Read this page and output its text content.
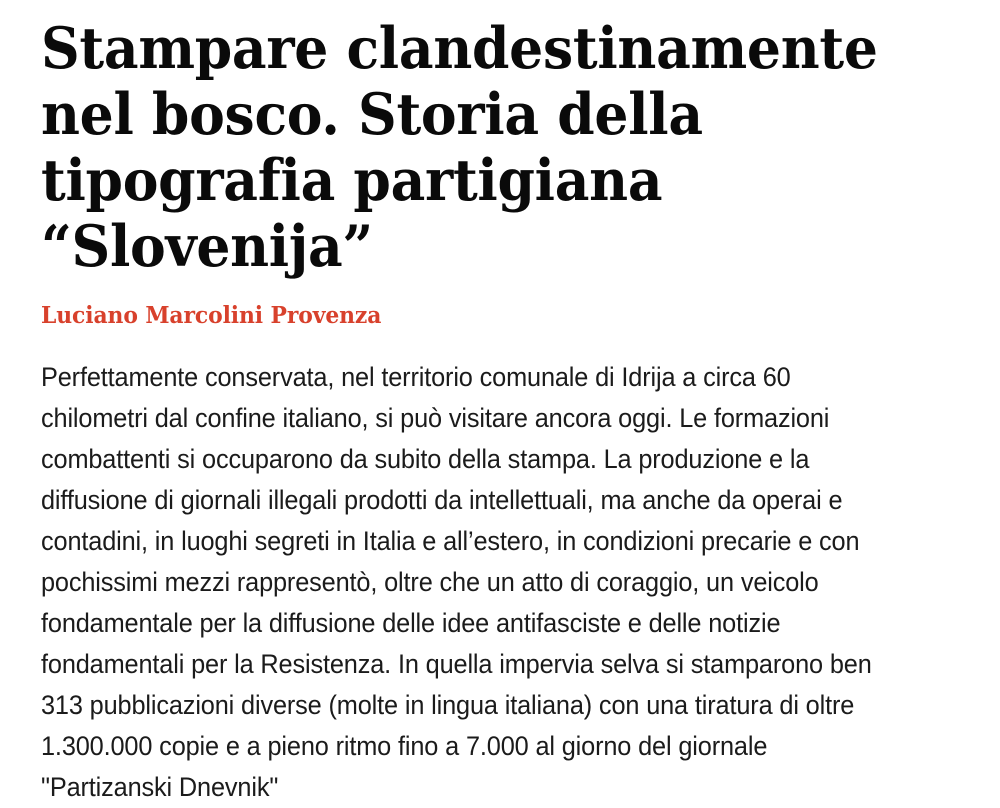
Stampare clandestinamente
nel bosco. Storia della
tipografia partigiana
“Slovenija”
Luciano Marcolini Provenza
Perfettamente conservata, nel territorio comunale di Idrija a circa 60
chilometri dal confine italiano, si può visitare ancora oggi. Le formazioni
combattenti si occuparono da subito della stampa. La produzione e la
diffusione di giornali illegali prodotti da intellettuali, ma anche da operai e
contadini, in luoghi segreti in Italia e all’estero, in condizioni precarie e con
pochissimi mezzi rappresentò, oltre che un atto di coraggio, un veicolo
fondamentale per la diffusione delle idee antifasciste e delle notizie
fondamentali per la Resistenza. In quella impervia selva si stamparono ben
313 pubblicazioni diverse (molte in lingua italiana) con una tiratura di oltre
1.300.000 copie e a pieno ritmo fino a 7.000 al giorno del giornale
"Partizanski Dnevnik"
